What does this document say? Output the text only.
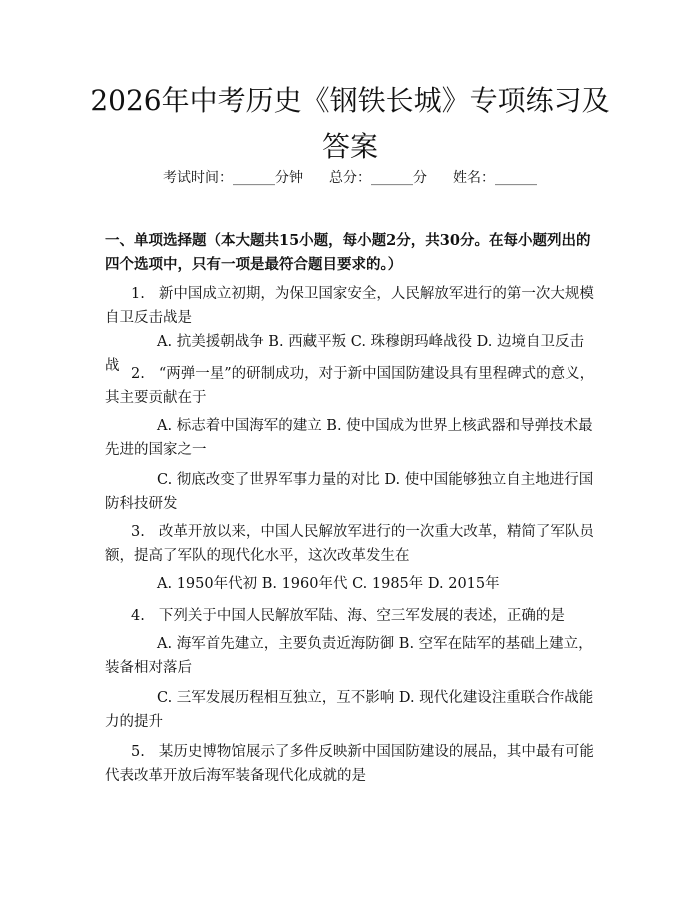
2026年中考历史《钢铁长城》专项练习及答案
考试时间：______分钟 总分：______分 姓名：______

一、单项选择题（本大题共15小题，每小题2分，共30分。在每小题列出的四个选项中，只有一项是最符合题目要求的。）

1. 新中国成立初期，为保卫国家安全，人民解放军进行的第一次大规模自卫反击战是

A. 抗美援朝战争 B. 西藏平叛 C. 珠穆朗玛峰战役 D. 边境自卫反击战 2. “两弹一星”的研制成功，对于新中国国防建设具有里程碑式的意义，其主要贡献在于

A. 标志着中国海军的建立 B. 使中国成为世界上核武器和导弹技术最先进的国家之一

C. 彻底改变了世界军事力量的对比 D. 使中国能够独立自主地进行国防科技研发

3. 改革开放以来，中国人民解放军进行的一次重大改革，精简了军队员额，提高了军队的现代化水平，这次改革发生在

A. 1950年代初 B. 1960年代 C. 1985年 D. 2015年

4. 下列关于中国人民解放军陆、海、空三军发展的表述，正确的是

A. 海军首先建立，主要负责近海防御 B. 空军在陆军的基础上建立，装备相对落后

C. 三军发展历程相互独立，互不影响 D. 现代化建设注重联合作战能力的提升

5. 某历史博物馆展示了多件反映新中国国防建设的展品，其中最有可能代表改革开放后海军装备现代化成就的是
